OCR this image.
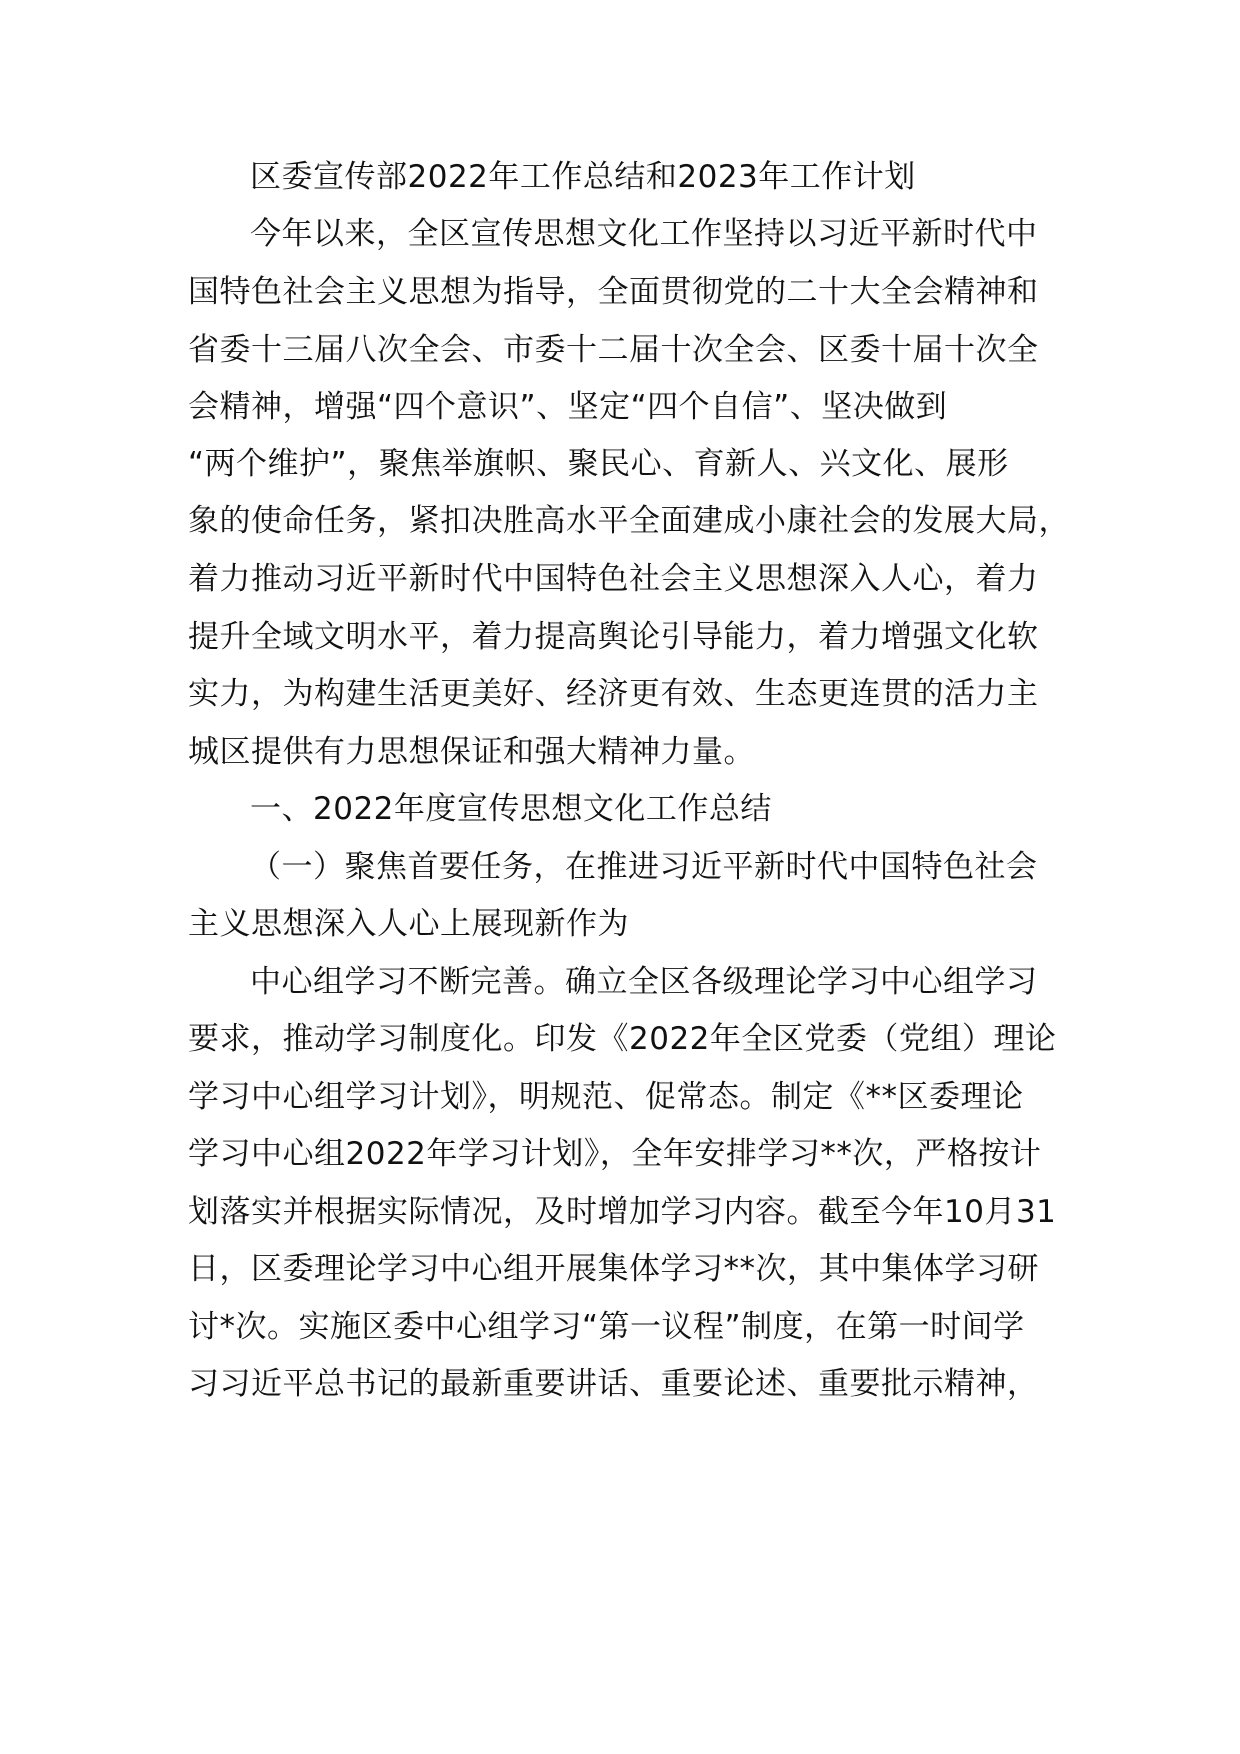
区委宣传部2022年工作总结和2023年工作计划
今年以来，全区宣传思想文化工作坚持以习近平新时代中
国特色社会主义思想为指导，全面贯彻党的二十大全会精神和
省委十三届八次全会、市委十二届十次全会、区委十届十次全
会精神，增强“四个意识”、坚定“四个自信”、坚决做到
“两个维护”，聚焦举旗帜、聚民心、育新人、兴文化、展形
象的使命任务，紧扣决胜高水平全面建成小康社会的发展大局，
着力推动习近平新时代中国特色社会主义思想深入人心，着力
提升全域文明水平，着力提高舆论引导能力，着力增强文化软
实力，为构建生活更美好、经济更有效、生态更连贯的活力主
城区提供有力思想保证和强大精神力量。
一、2022年度宣传思想文化工作总结
（一）聚焦首要任务，在推进习近平新时代中国特色社会
主义思想深入人心上展现新作为
中心组学习不断完善。确立全区各级理论学习中心组学习
要求，推动学习制度化。印发《2022年全区党委（党组）理论
学习中心组学习计划》，明规范、促常态。制定《**区委理论
学习中心组2022年学习计划》，全年安排学习**次，严格按计
划落实并根据实际情况，及时增加学习内容。截至今年10月31
日，区委理论学习中心组开展集体学习**次，其中集体学习研
讨*次。实施区委中心组学习“第一议程”制度，在第一时间学
习习近平总书记的最新重要讲话、重要论述、重要批示精神，
